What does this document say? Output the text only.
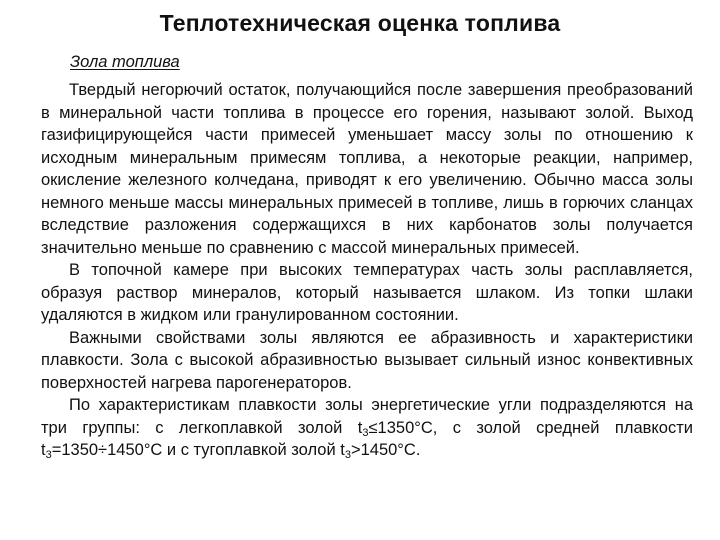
Теплотехническая оценка топлива
Зола топлива

Твердый негорючий остаток, получающийся после завершения преобразований в минеральной части топлива в процессе его горения, называют золой. Выход газифицирующейся части примесей уменьшает массу золы по отношению к исходным минеральным примесям топлива, а некоторые реакции, например, окисление железного колчедана, приводят к его увеличению. Обычно масса золы немного меньше массы минеральных примесей в топливе, лишь в горючих сланцах вследствие разложения содержащихся в них карбонатов золы получается значительно меньше по сравнению с массой минеральных примесей.

В топочной камере при высоких температурах часть золы расплавляется, образуя раствор минералов, который называется шлаком. Из топки шлаки удаляются в жидком или гранулированном состоянии.

Важными свойствами золы являются ее абразивность и характеристики плавкости. Зола с высокой абразивностью вызывает сильный износ конвективных поверхностей нагрева парогенераторов.

По характеристикам плавкости золы энергетические угли подразделяются на три группы: с легкоплавкой золой $t_3\le 1350^\circ С$, с золой средней плавкости $t_3=1350\div 1450^\circ С$ и с тугоплавкой золой $t_3>1450^\circ С$.
